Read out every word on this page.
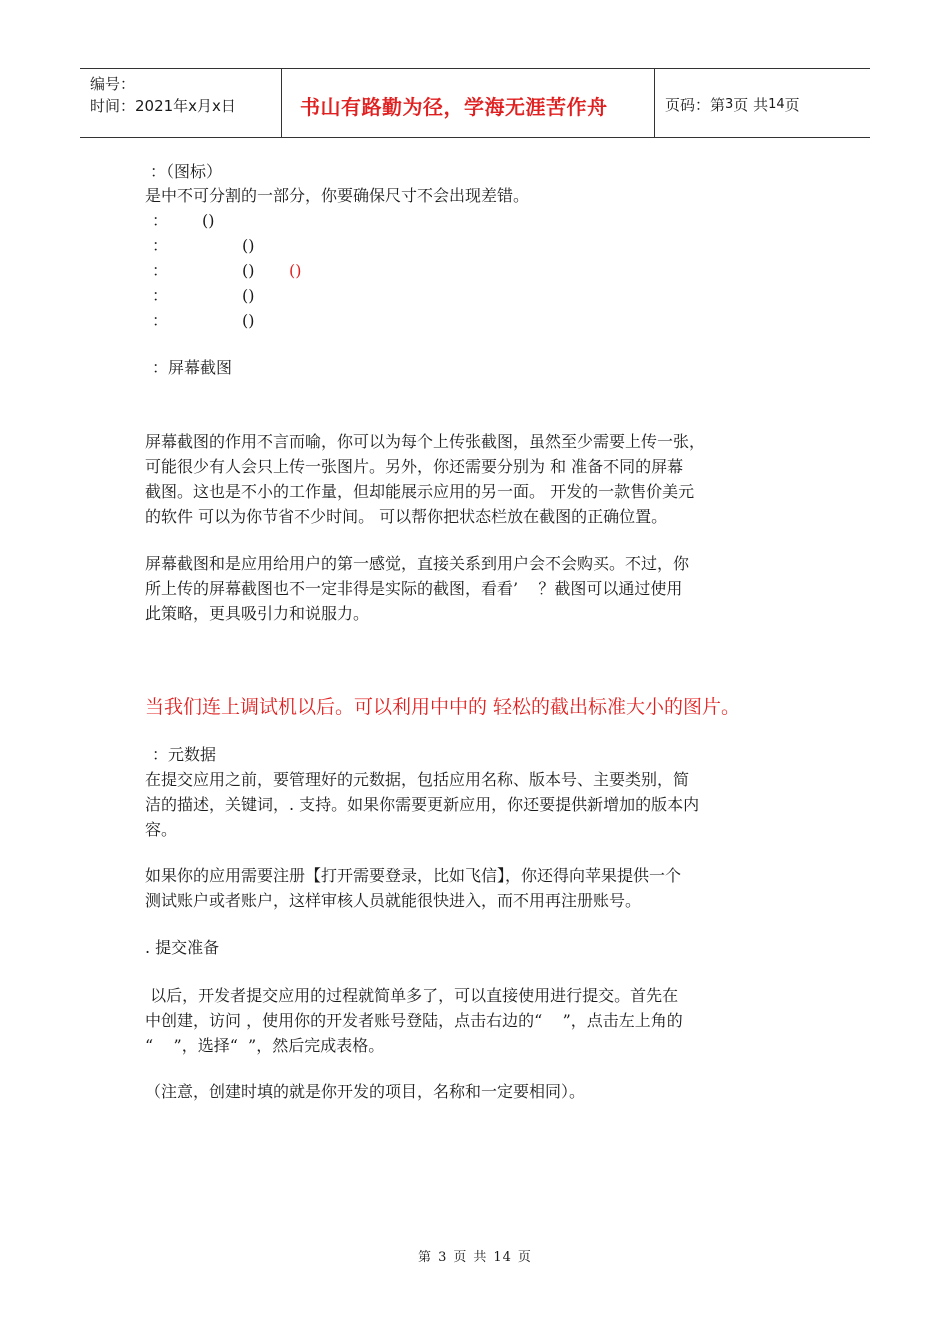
编号：
时间：2021年x月x日	书山有路勤为径，学海无涯苦作舟	页码：第 3 页 共 14 页
：（图标）
是中不可分割的一部分，你要确保尺寸不会出现差错。
： ()
：	()
：	() ()
：	()
：	()
：屏幕截图
屏幕截图的作用不言而喻，你可以为每个上传张截图，虽然至少需要上传一张，
可能很少有人会只上传一张图片。另外，你还需要分别为 和 准备不同的屏幕
截图。这也是不小的工作量，但却能展示应用的另一面。 开发的一款售价美元
的软件 可以为你节省不少时间。 可以帮你把状态栏放在截图的正确位置。
屏幕截图和是应用给用户的第一感觉，直接关系到用户会不会购买。不过，你
所上传的屏幕截图也不一定非得是实际的截图，看看’    ？截图可以通过使用
此策略，更具吸引力和说服力。
当我们连上调试机以后。可以利用中中的 轻松的截出标准大小的图片。
：元数据
在提交应用之前，要管理好的元数据，包括应用名称、版本号、主要类别，简
洁的描述，关键词，. 支持。如果你需要更新应用，你还要提供新增加的版本内
容。
如果你的应用需要注册【打开需要登录，比如飞信】，你还得向苹果提供一个
测试账户或者账户，这样审核人员就能很快进入，而不用再注册账号。
. 提交准备
以后，开发者提交应用的过程就简单多了，可以直接使用进行提交。首先在
中创建，访问 ，使用你的开发者账号登陆，点击右边的“    ”，点击左上角的
“    ”，选择“  ”，然后完成表格。
（注意，创建时填的就是你开发的项目，名称和一定要相同）。
第 3 页 共 14 页
